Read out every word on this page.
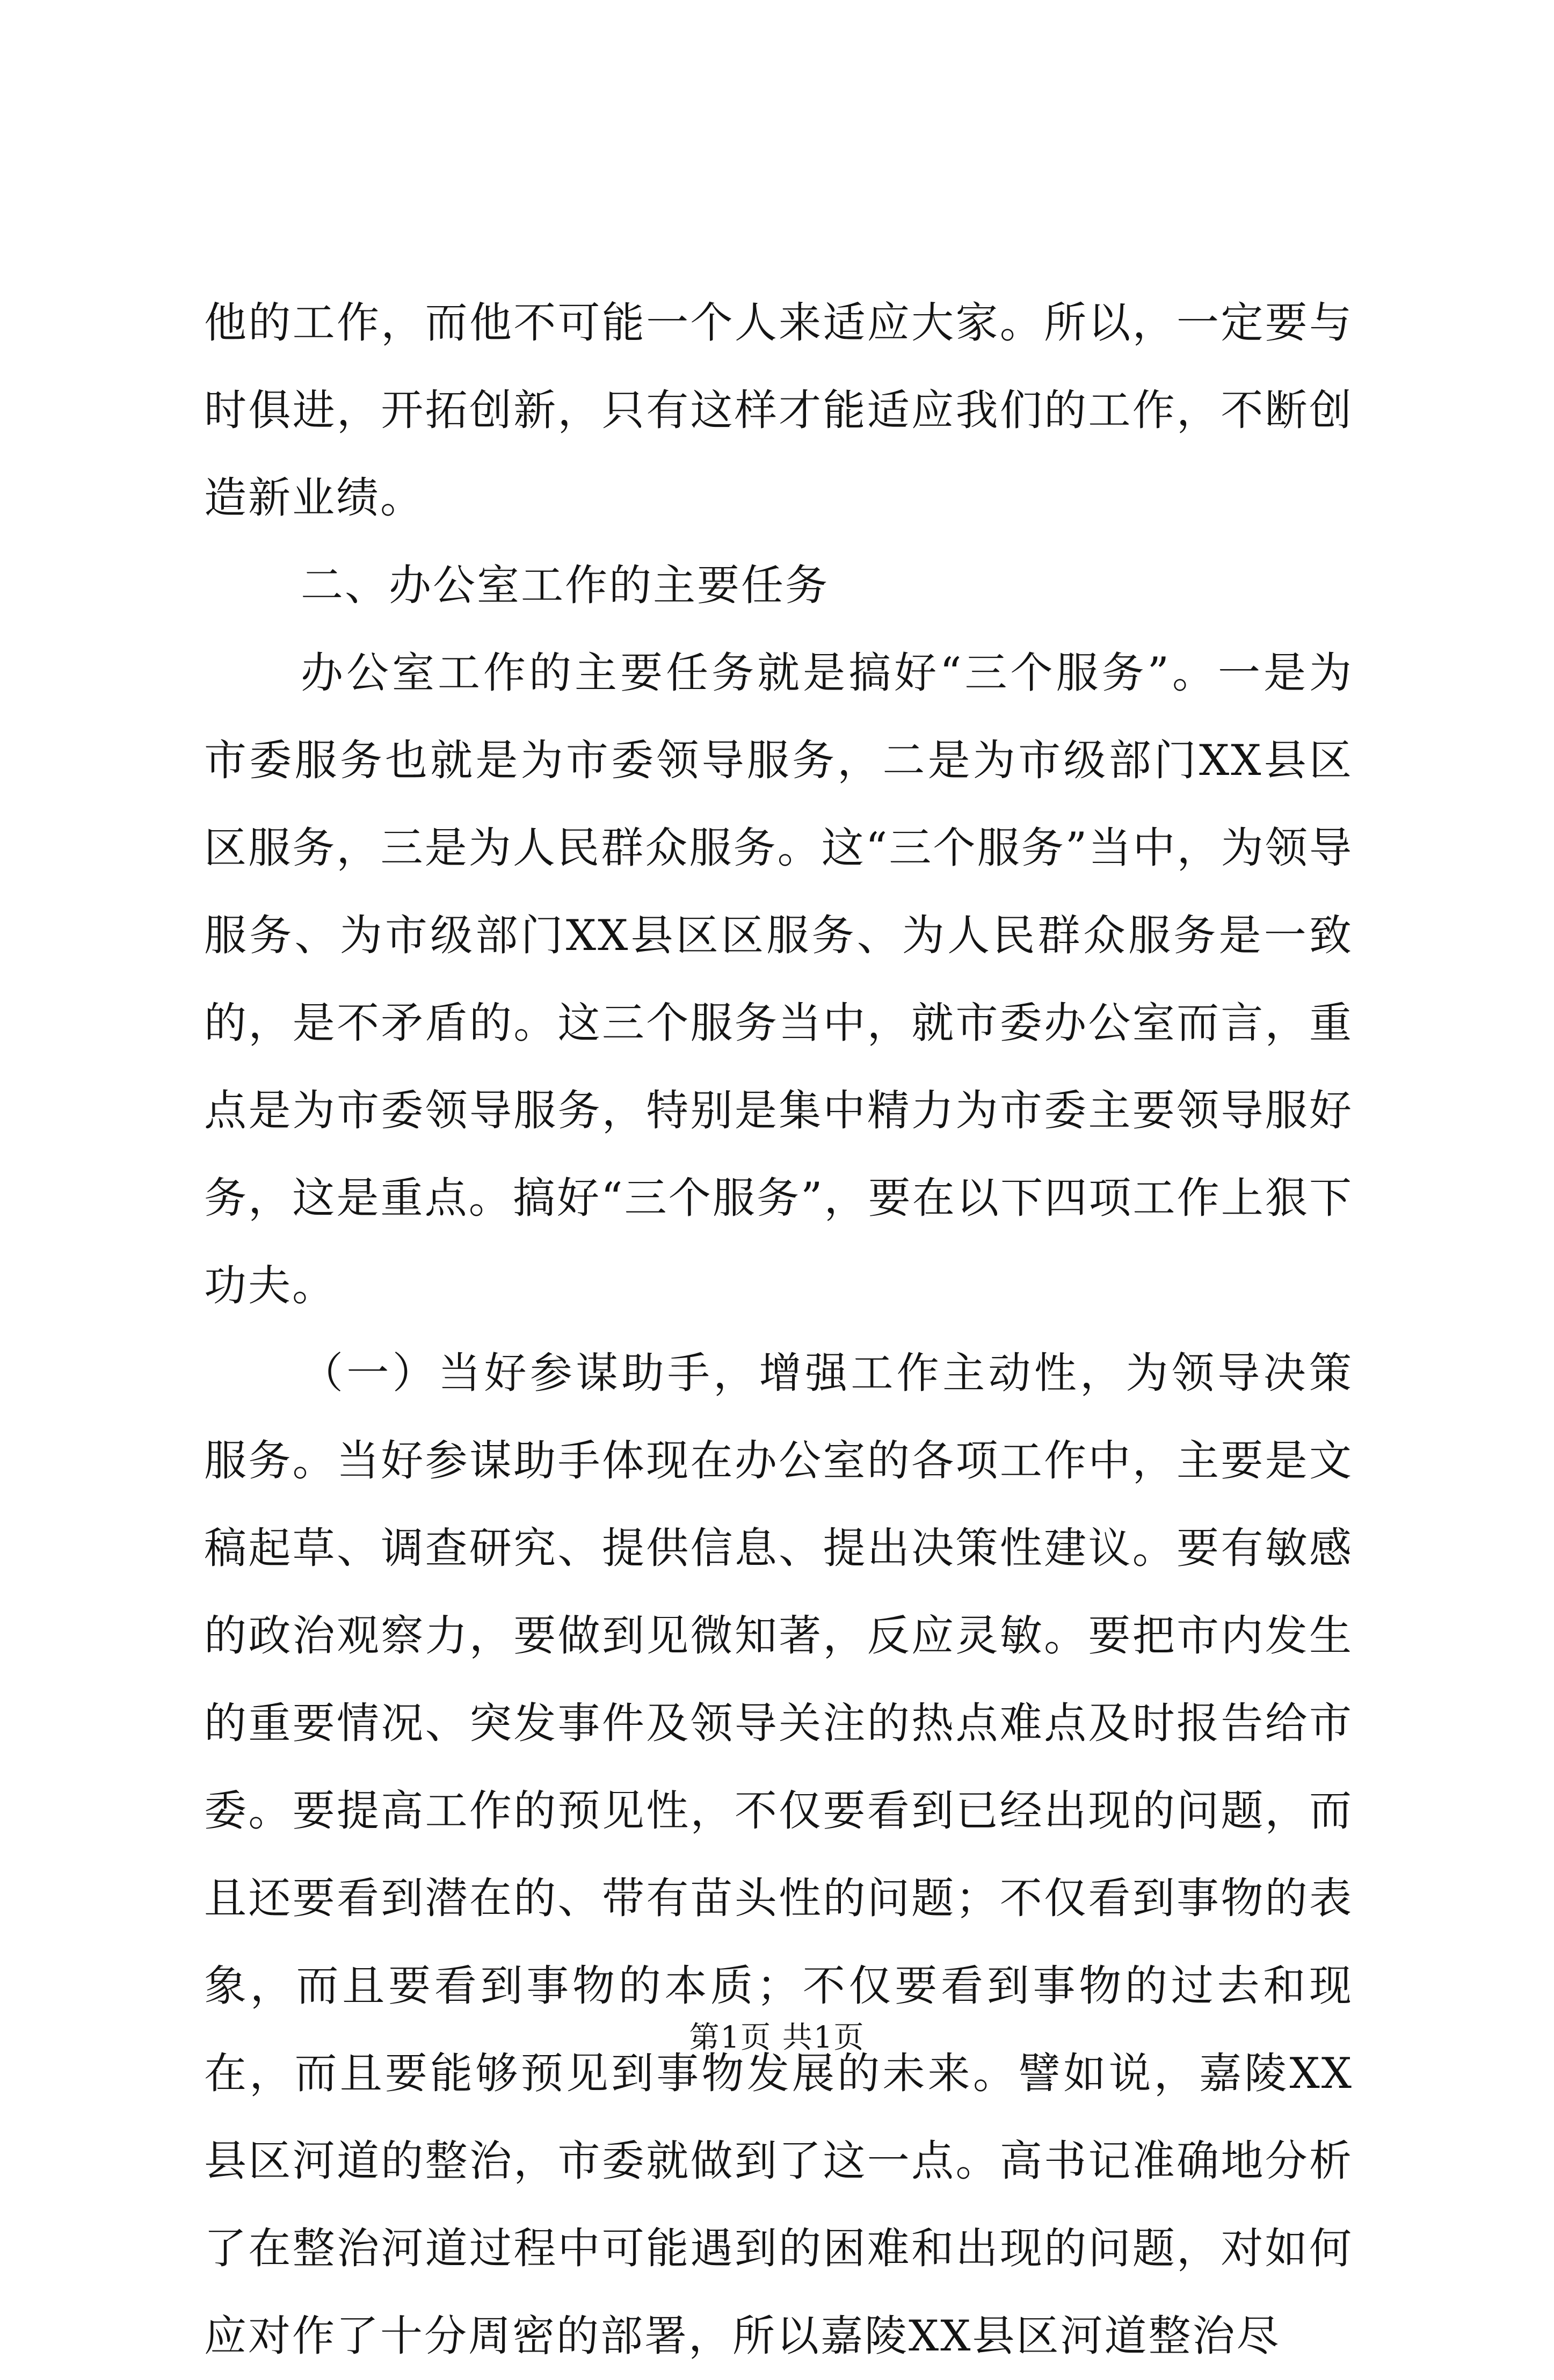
他的工作，而他不可能一个人来适应大家。所以，一定要与时俱进，开拓创新，只有这样才能适应我们的工作，不断创造新业绩。

二、办公室工作的主要任务

办公室工作的主要任务就是搞好“三个服务”。一是为市委服务也就是为市委领导服务，二是为市级部门XX县区区服务，三是为人民群众服务。这“三个服务”当中，为领导服务、为市级部门XX县区区服务、为人民群众服务是一致的，是不矛盾的。这三个服务当中，就市委办公室而言，重点是为市委领导服务，特别是集中精力为市委主要领导服好务，这是重点。搞好“三个服务”，要在以下四项工作上狠下功夫。

（一）当好参谋助手，增强工作主动性，为领导决策服务。当好参谋助手体现在办公室的各项工作中，主要是文稿起草、调查研究、提供信息、提出决策性建议。要有敏感的政治观察力，要做到见微知著，反应灵敏。要把市内发生的重要情况、突发事件及领导关注的热点难点及时报告给市委。要提高工作的预见性，不仅要看到已经出现的问题，而且还要看到潜在的、带有苗头性的问题；不仅看到事物的表象，而且要看到事物的本质；不仅要看到事物的过去和现在，而且要能够预见到事物发展的未来。譬如说，嘉陵XX县区河道的整治，市委就做到了这一点。高书记准确地分析了在整治河道过程中可能遇到的困难和出现的问题，对如何应对作了十分周密的部署，所以嘉陵XX县区河道整治尽

第1页 共1页
